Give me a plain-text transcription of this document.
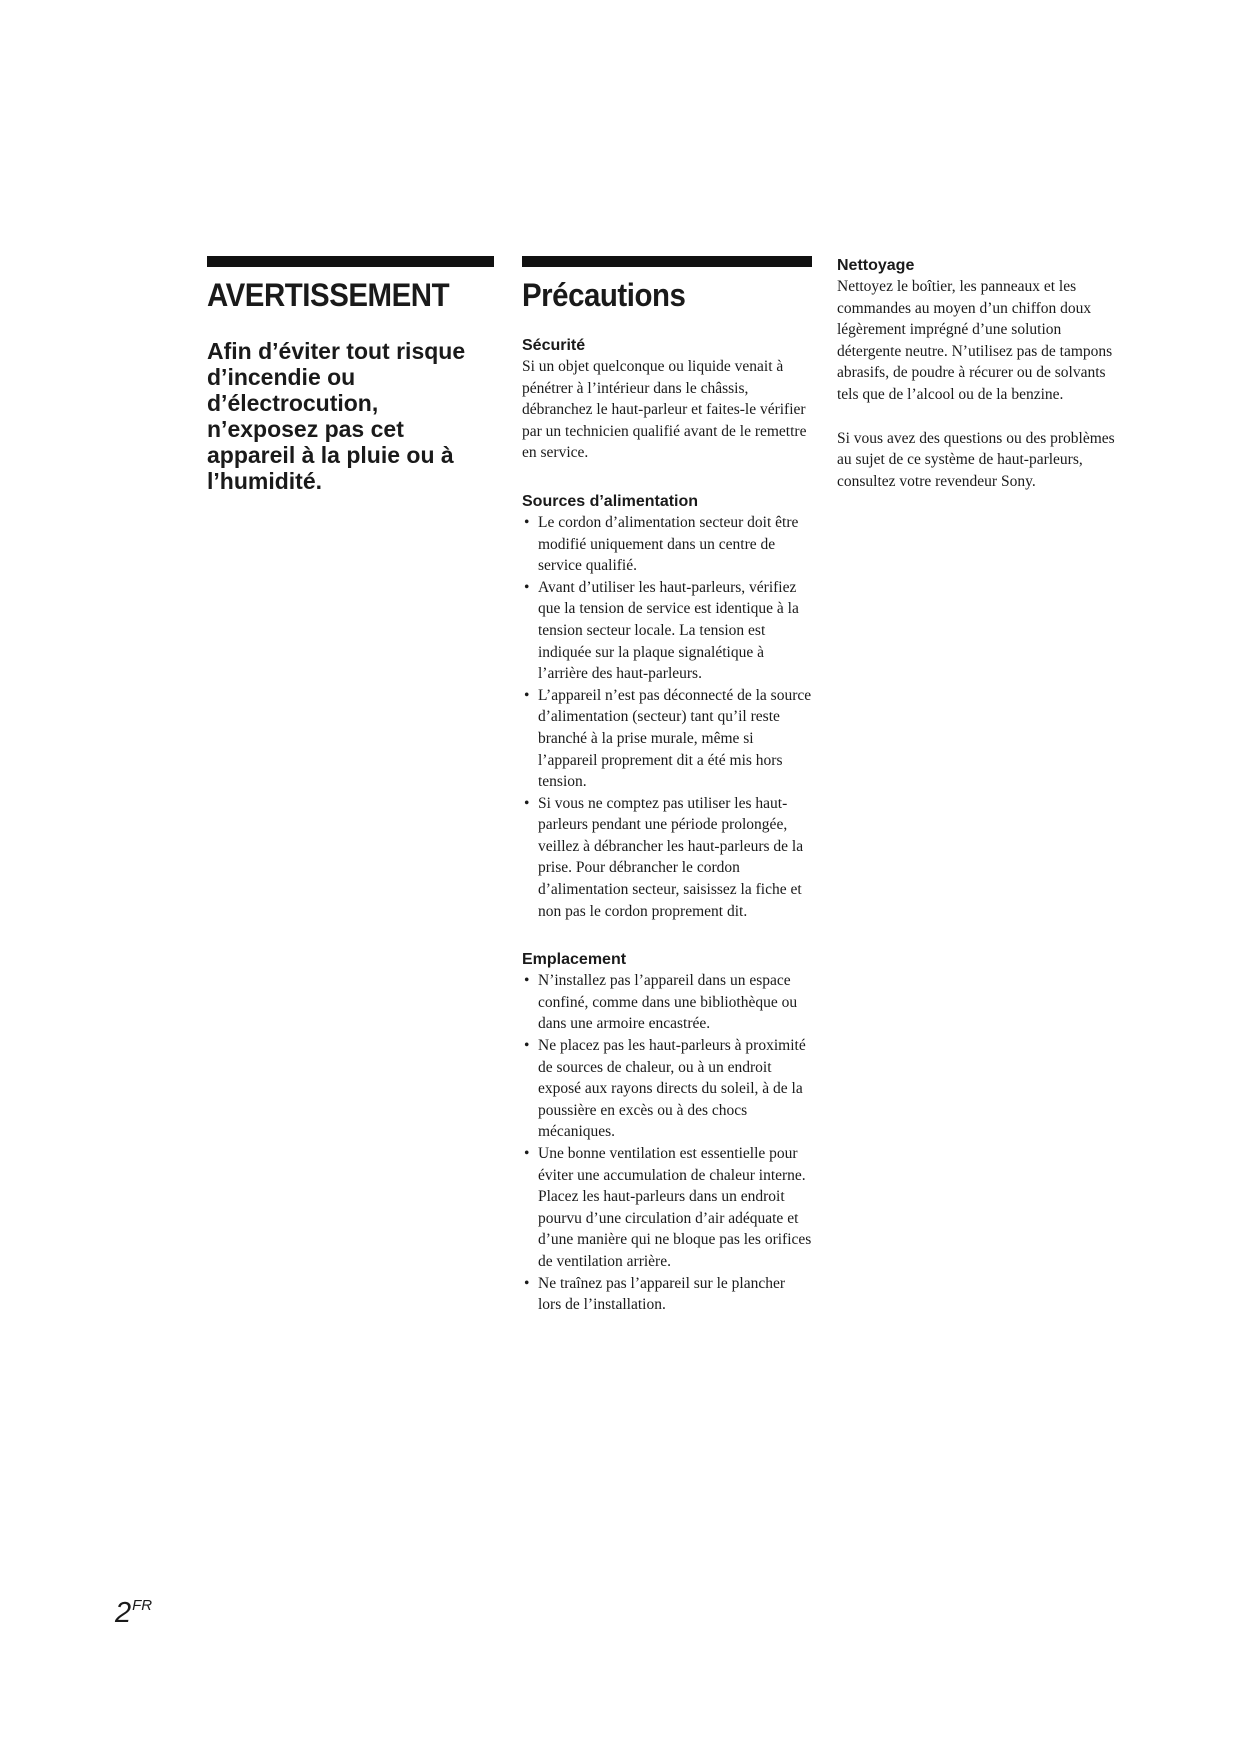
AVERTISSEMENT
Afin d’éviter tout risque d’incendie ou d’électrocution, n’exposez pas cet appareil à la pluie ou à l’humidité.
Précautions
Sécurité

Si un objet quelconque ou liquide venait à pénétrer à l’intérieur dans le châssis, débranchez le haut-parleur et faites-le vérifier par un technicien qualifié avant de le remettre en service.

Sources d’alimentation
• Le cordon d’alimentation secteur doit être modifié uniquement dans un centre de service qualifié.
• Avant d’utiliser les haut-parleurs, vérifiez que la tension de service est identique à la tension secteur locale. La tension est indiquée sur la plaque signalétique à l’arrière des haut-parleurs.
• L’appareil n’est pas déconnecté de la source d’alimentation (secteur) tant qu’il reste branché à la prise murale, même si l’appareil proprement dit a été mis hors tension.
• Si vous ne comptez pas utiliser les haut-parleurs pendant une période prolongée, veillez à débrancher les haut-parleurs de la prise. Pour débrancher le cordon d’alimentation secteur, saisissez la fiche et non pas le cordon proprement dit.
Emplacement
• N’installez pas l’appareil dans un espace confiné, comme dans une bibliothèque ou dans une armoire encastrée.
• Ne placez pas les haut-parleurs à proximité de sources de chaleur, ou à un endroit exposé aux rayons directs du soleil, à de la poussière en excès ou à des chocs mécaniques.
• Une bonne ventilation est essentielle pour éviter une accumulation de chaleur interne. Placez les haut-parleurs dans un endroit pourvu d’une circulation d’air adéquate et d’une manière qui ne bloque pas les orifices de ventilation arrière.
• Ne traînez pas l’appareil sur le plancher lors de l’installation.
Nettoyage

Nettoyez le boîtier, les panneaux et les commandes au moyen d’un chiffon doux légèrement imprégné d’une solution détergente neutre. N’utilisez pas de tampons abrasifs, de poudre à récurer ou de solvants tels que de l’alcool ou de la benzine.

Si vous avez des questions ou des problèmes au sujet de ce système de haut-parleurs, consultez votre revendeur Sony.

$2^{FR}$
